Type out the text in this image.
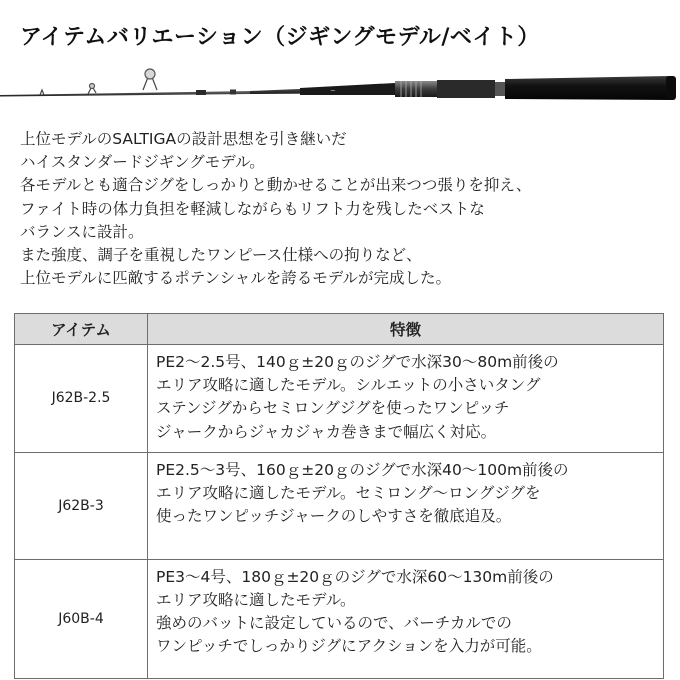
アイテムバリエーション（ジギングモデル/ベイト）
~
上位モデルのSALTIGAの設計思想を引き継いだ
ハイスタンダードジギングモデル。
各モデルとも適合ジグをしっかりと動かせることが出来つつ張りを抑え、
ファイト時の体力負担を軽減しながらもリフト力を残したベストな
バランスに設計。
また強度、調子を重視したワンピース仕様への拘りなど、
上位モデルに匹敵するポテンシャルを誇るモデルが完成した。
アイテム	特徴
J62B-2.5	PE2〜2.5号、140ｇ±20ｇのジグで水深30〜80m前後の
エリア攻略に適したモデル。シルエットの小さいタング
ステンジグからセミロングジグを使ったワンピッチ
ジャークからジャカジャカ巻きまで幅広く対応。

J62B-3	PE2.5〜3号、160ｇ±20ｇのジグで水深40〜100m前後の
エリア攻略に適したモデル。セミロング〜ロングジグを
使ったワンピッチジャークのしやすさを徹底追及。

J60B-4	PE3〜4号、180ｇ±20ｇのジグで水深60〜130m前後の
エリア攻略に適したモデル。
強めのバットに設定しているので、バーチカルでの
ワンピッチでしっかりジグにアクションを入力が可能。
